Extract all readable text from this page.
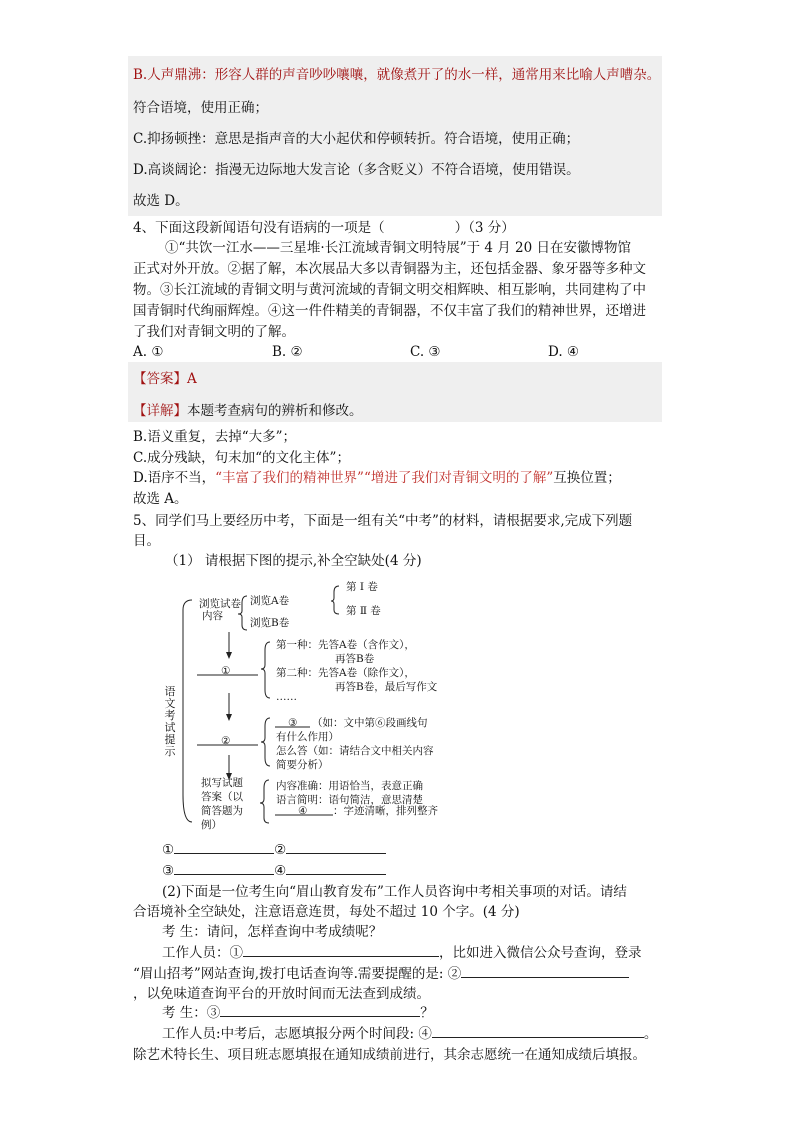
B.人声鼎沸：形容人群的声音吵吵嚷嚷，就像煮开了的水一样，通常用来比喻人声嘈杂。
符合语境，使用正确；
C.抑扬顿挫：意思是指声音的大小起伏和停顿转折。符合语境，使用正确；
D.高谈阔论：指漫无边际地大发言论（多含贬义）不符合语境，使用错误。
故选 D。
4、下面这段新闻语句没有语病的一项是（	）（3 分）
①“共饮一江水——三星堆·长江流域青铜文明特展”于 4 月 20 日在安徽博物馆
正式对外开放。②据了解，本次展品大多以青铜器为主，还包括金器、象牙器等多种文
物。③长江流域的青铜文明与黄河流域的青铜文明交相辉映、相互影响，共同建构了中
国青铜时代绚丽辉煌。④这一件件精美的青铜器，不仅丰富了我们的精神世界，还增进
了我们对青铜文明的了解。
A. ①	B. ②	C. ③	D. ④
【答案】A
【详解】本题考查病句的辨析和修改。
B.语义重复，去掉“大多”；
C.成分残缺，句末加“的文化主体”；
D.语序不当，“丰富了我们的精神世界”“增进了我们对青铜文明的了解”互换位置；
故选 A。
5、同学们马上要经历中考，下面是一组有关“中考”的材料，请根据要求,完成下列题
目。
（1） 请根据下图的提示,补全空缺处(4 分)
语
文
考
试
提
示
浏览试卷
内容
浏览A卷
第 Ⅰ 卷
第 Ⅱ 卷
浏览B卷
①
第一种：先答A卷（含作文），
再答B卷
第二种：先答A卷（除作文），
再答B卷，最后写作文
……
②
③ （如：文中第⑥段画线句
有什么作用）
怎么答（如：请结合文中相关内容
简要分析）
拟写试题
答案（以
简答题为
例）
内容准确：用语恰当，表意正确
语言简明：语句简洁，意思清楚
④ ：字迹清晰，排列整齐
①	②
③	④
(2)下面是一位考生向“眉山教育发布”工作人员咨询中考相关事项的对话。请结
合语境补全空缺处，注意语意连贯，每处不超过 10 个字。(4 分)
考 生：请问，怎样查询中考成绩呢？
工作人员：①	，比如进入微信公众号查询，登录
“眉山招考”网站查询,拨打电话查询等.需要提醒的是: ②
，以免味道查询平台的开放时间而无法查到成绩。
考 生：③	？
工作人员:中考后，志愿填报分两个时间段: ④	。
除艺术特长生、项目班志愿填报在通知成绩前进行，其余志愿统一在通知成绩后填报。
